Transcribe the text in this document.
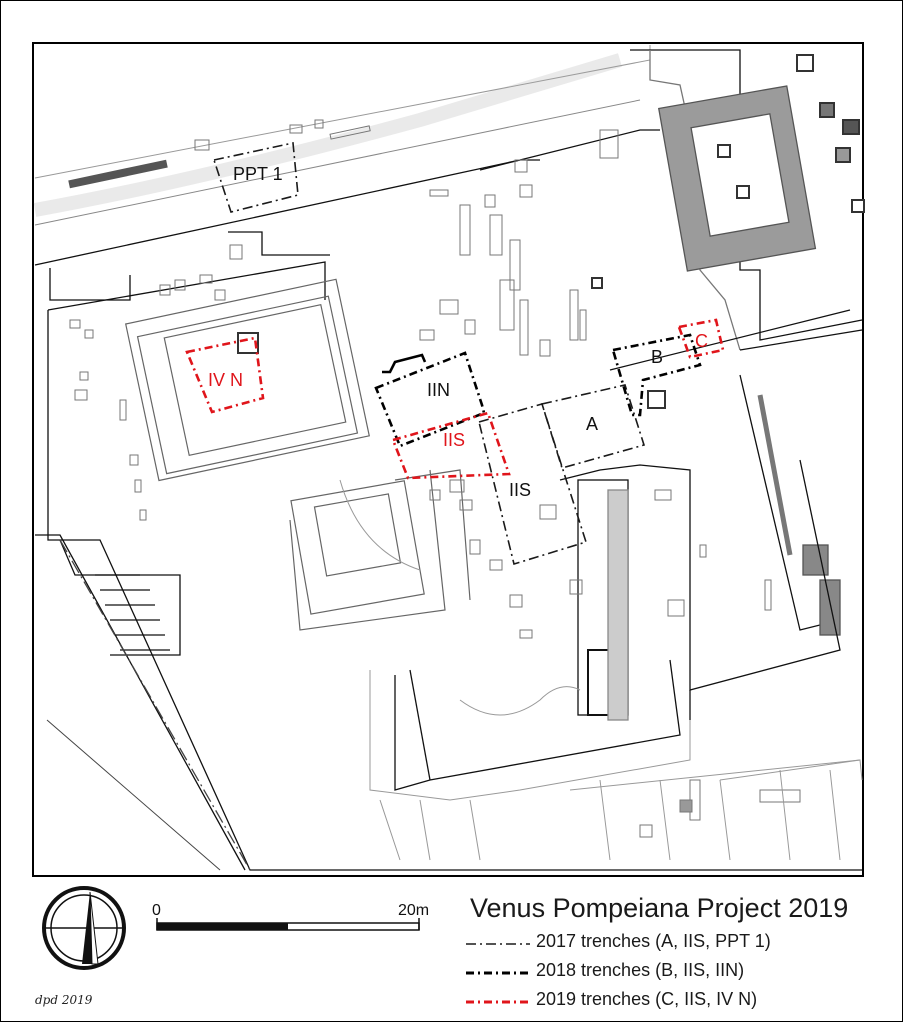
PPT 1
IIN
IIS
IIS
A
B
C
IV N
0	20m Venus Pompeiana Project 2019
2017 trenches (A, IIS, PPT 1)
2018 trenches (B, IIS, IIN)
2019 trenches (C, IIS, IV N)
dpd 2019
